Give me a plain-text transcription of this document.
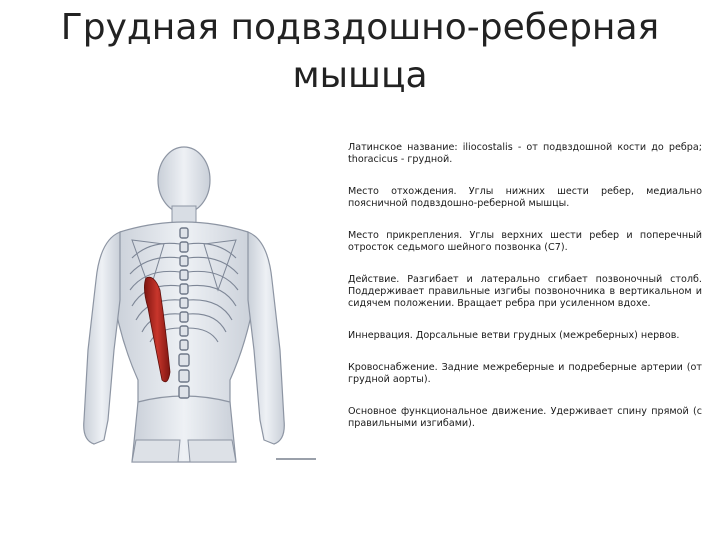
Грудная подвздошно-реберная
мышца

Латинское название: iliocostalis - от подвздошной кости до ребра; thoracicus - грудной.

Место отхождения. Углы нижних шести ребер, медиально поясничной подвздошно-реберной мышцы.

Место прикрепления. Углы верхних шести ребер и поперечный отросток седьмого шейного позвонка (С7).

Действие. Разгибает и латерально сгибает позвоночный столб. Поддерживает правильные изгибы позвоночника в вертикальном и сидячем положении. Вращает ребра при усиленном вдохе.

Иннервация. Дорсальные ветви грудных (межреберных) нервов.

Кровоснабжение. Задние межреберные и подреберные артерии (от грудной аорты).

Основное функциональное движение. Удерживает спину прямой (с правильными изгибами).
